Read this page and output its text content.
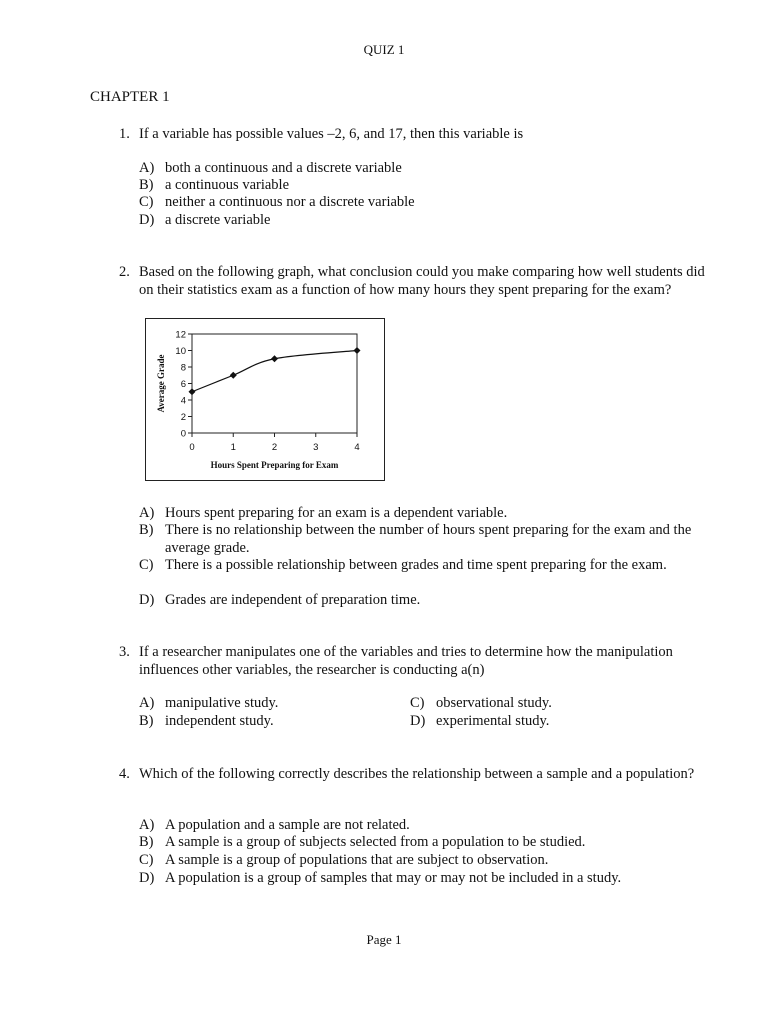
QUIZ 1
CHAPTER 1
1. If a variable has possible values –2, 6, and 17, then this variable is
A) both a continuous and a discrete variable
B) a continuous variable
C) neither a continuous nor a discrete variable
D) a discrete variable
2. Based on the following graph, what conclusion could you make comparing how well students did on their statistics exam as a function of how many hours they spent preparing for the exam?
0
2
4
6
8
10
12
0	1	2	3	4
Hours Spent Preparing for Exam
Average Grade
A) Hours spent preparing for an exam is a dependent variable.
B) There is no relationship between the number of hours spent preparing for the exam and the average grade.
C) There is a possible relationship between grades and time spent preparing for the exam.
D) Grades are independent of preparation time.
3. If a researcher manipulates one of the variables and tries to determine how the manipulation influences other variables, the researcher is conducting a(n)
A) manipulative study.
B) independent study.
C) observational study.
D) experimental study.
4. Which of the following correctly describes the relationship between a sample and a population?
A) A population and a sample are not related.
B) A sample is a group of subjects selected from a population to be studied.
C) A sample is a group of populations that are subject to observation.
D) A population is a group of samples that may or may not be included in a study.
Page 1
